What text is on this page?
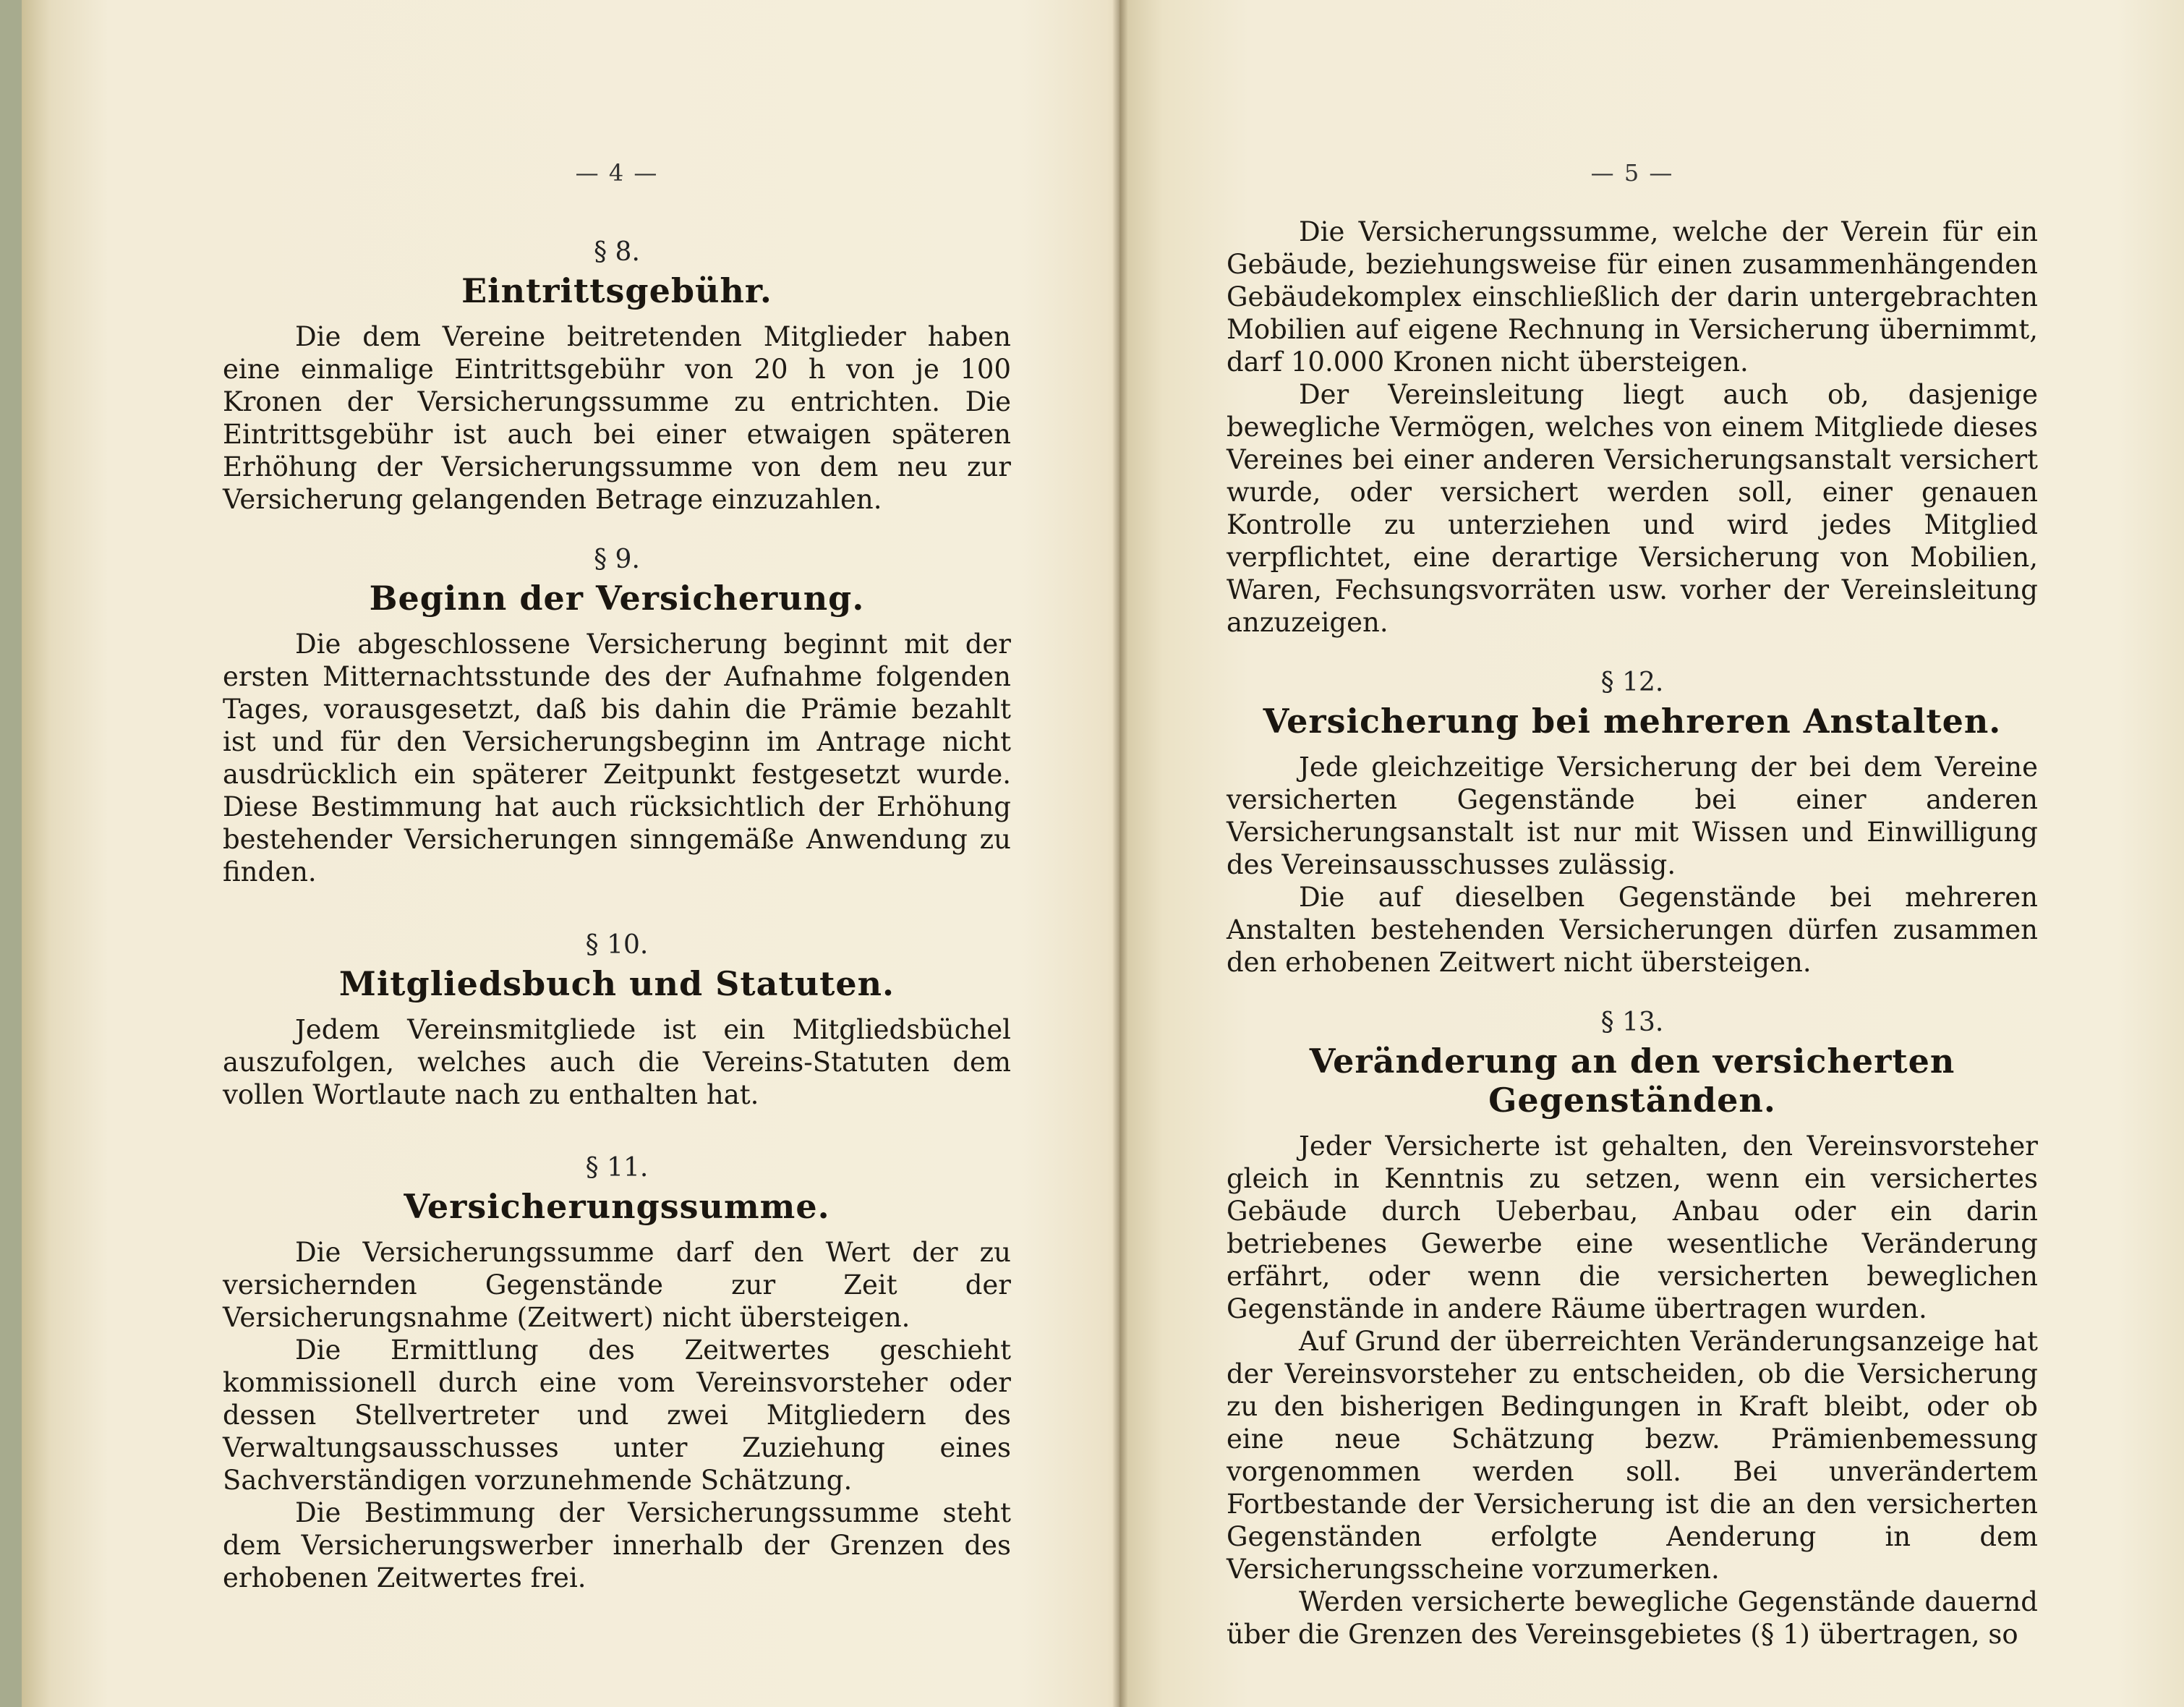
— 4 —
§ 8.
Eintrittsgebühr.

Die dem Vereine beitretenden Mitglieder haben eine einmalige Eintrittsgebühr von 20 h von je 100 Kronen der Versicherungssumme zu entrichten. Die Eintrittsgebühr ist auch bei einer etwaigen späteren Erhöhung der Versicherungssumme von dem neu zur Versicherung gelangenden Betrage einzuzahlen.

§ 9.
Beginn der Versicherung.

Die abgeschlossene Versicherung beginnt mit der ersten Mitternachtsstunde des der Aufnahme folgenden Tages, vorausgesetzt, daß bis dahin die Prämie bezahlt ist und für den Versicherungsbeginn im Antrage nicht ausdrücklich ein späterer Zeitpunkt festgesetzt wurde. Diese Bestimmung hat auch rücksichtlich der Erhöhung bestehender Versicherungen sinngemäße Anwendung zu finden.

§ 10.
Mitgliedsbuch und Statuten.

Jedem Vereinsmitgliede ist ein Mitgliedsbüchel auszufolgen, welches auch die Vereins-Statuten dem vollen Wortlaute nach zu enthalten hat.

§ 11.
Versicherungssumme.

Die Versicherungssumme darf den Wert der zu versichernden Gegenstände zur Zeit der Versicherungsnahme (Zeitwert) nicht übersteigen.

Die Ermittlung des Zeitwertes geschieht kommissionell durch eine vom Vereinsvorsteher oder dessen Stellvertreter und zwei Mitgliedern des Verwaltungsausschusses unter Zuziehung eines Sachverständigen vorzunehmende Schätzung.

Die Bestimmung der Versicherungssumme steht dem Versicherungswerber innerhalb der Grenzen des erhobenen Zeitwertes frei.

— 5 —

Die Versicherungssumme, welche der Verein für ein Gebäude, beziehungsweise für einen zusammenhängenden Gebäudekomplex einschließlich der darin untergebrachten Mobilien auf eigene Rechnung in Versicherung übernimmt, darf 10.000 Kronen nicht übersteigen.

Der Vereinsleitung liegt auch ob, dasjenige bewegliche Vermögen, welches von einem Mitgliede dieses Vereines bei einer anderen Versicherungsanstalt versichert wurde, oder versichert werden soll, einer genauen Kontrolle zu unterziehen und wird jedes Mitglied verpflichtet, eine derartige Versicherung von Mobilien, Waren, Fechsungsvorräten usw. vorher der Vereinsleitung anzuzeigen.

§ 12.
Versicherung bei mehreren Anstalten.

Jede gleichzeitige Versicherung der bei dem Vereine versicherten Gegenstände bei einer anderen Versicherungsanstalt ist nur mit Wissen und Einwilligung des Vereinsausschusses zulässig.

Die auf dieselben Gegenstände bei mehreren Anstalten bestehenden Versicherungen dürfen zusammen den erhobenen Zeitwert nicht übersteigen.

§ 13.
Veränderung an den versicherten Gegenständen.

Jeder Versicherte ist gehalten, den Vereinsvorsteher gleich in Kenntnis zu setzen, wenn ein versichertes Gebäude durch Ueberbau, Anbau oder ein darin betriebenes Gewerbe eine wesentliche Veränderung erfährt, oder wenn die versicherten beweglichen Gegenstände in andere Räume übertragen wurden.

Auf Grund der überreichten Veränderungsanzeige hat der Vereinsvorsteher zu entscheiden, ob die Versicherung zu den bisherigen Bedingungen in Kraft bleibt, oder ob eine neue Schätzung bezw. Prämienbemessung vorgenommen werden soll. Bei unverändertem Fortbestande der Versicherung ist die an den versicherten Gegenständen erfolgte Aenderung in dem Versicherungsscheine vorzumerken.

Werden versicherte bewegliche Gegenstände dauernd über die Grenzen des Vereinsgebietes (§ 1) übertragen, so
